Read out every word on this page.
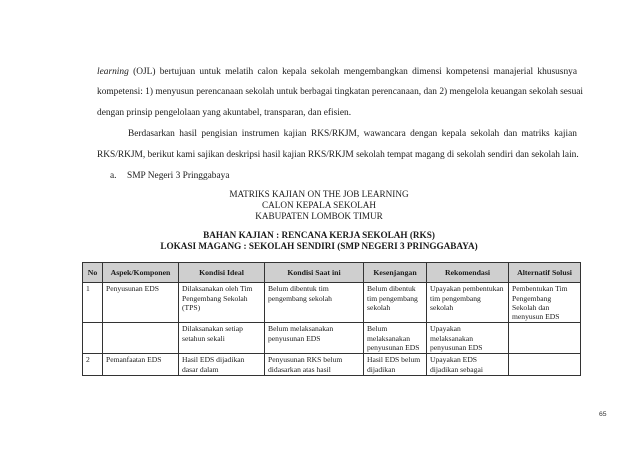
learning (OJL) bertujuan untuk melatih calon kepala sekolah mengembangkan dimensi kompetensi manajerial khususnya
kompetensi: 1) menyusun perencanaan sekolah untuk berbagai tingkatan perencanaan, dan 2) mengelola keuangan sekolah sesuai
dengan prinsip pengelolaan yang akuntabel, transparan, dan efisien.
Berdasarkan hasil pengisian instrumen kajian RKS/RKJM, wawancara dengan kepala sekolah dan matriks kajian
RKS/RKJM, berikut kami sajikan deskripsi hasil kajian RKS/RKJM sekolah tempat magang di sekolah sendiri dan sekolah lain.
a.	SMP Negeri 3 Pringgabaya
MATRIKS KAJIAN ON THE JOB LEARNING
CALON KEPALA SEKOLAH
KABUPATEN LOMBOK TIMUR
BAHAN KAJIAN : RENCANA KERJA SEKOLAH (RKS)
LOKASI MAGANG : SEKOLAH SENDIRI (SMP NEGERI 3 PRINGGABAYA)
No	Aspek/Komponen	Kondisi Ideal	Kondisi Saat ini	Kesenjangan	Rekomendasi	Alternatif Solusi
1	Penyusunan EDS	Dilaksanakan oleh Tim Pengembang Sekolah (TPS)	Belum dibentuk tim pengembang sekolah	Belum dibentuk tim pengembang sekolah	Upayakan pembentukan tim pengembang sekolah	Pembentukan Tim Pengembang Sekolah dan menyusun EDS
		Dilaksanakan setiap setahun sekali	Belum melaksanakan penyusunan EDS	Belum melaksanakan penyusunan EDS	Upayakan melaksanakan penyusunan EDS	
2	Pemanfaatan EDS	Hasil EDS dijadikan dasar dalam	Penyusunan RKS belum didasarkan atas hasil	Hasil EDS belum dijadikan	Upayakan EDS dijadikan sebagai	
65
